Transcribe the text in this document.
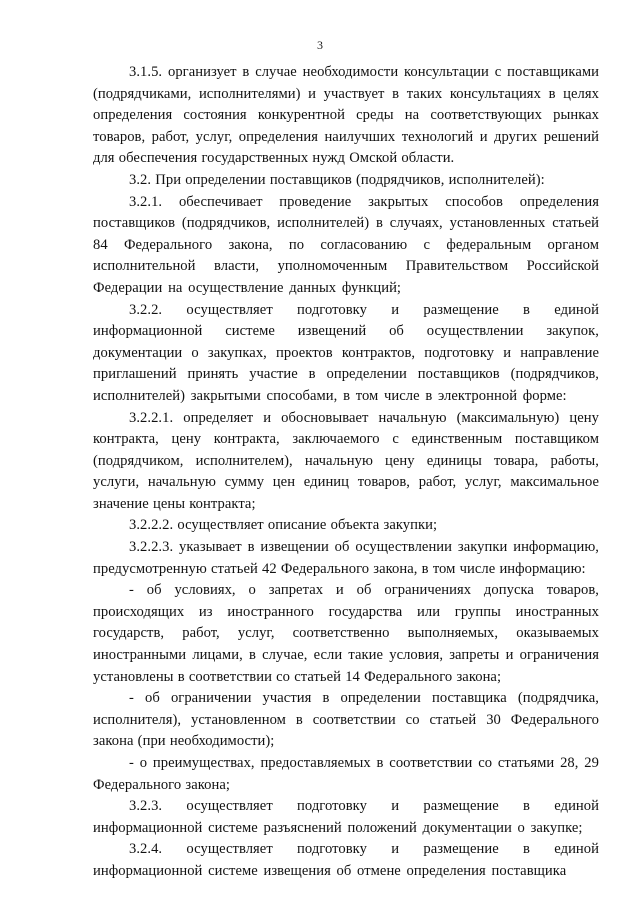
3

3.1.5. организует в случае необходимости консультации с поставщиками (подрядчиками, исполнителями) и участвует в таких консультациях в целях определения состояния конкурентной среды на соответствующих рынках товаров, работ, услуг, определения наилучших технологий и других решений для обеспечения государственных нужд Омской области.

3.2. При определении поставщиков (подрядчиков, исполнителей):

3.2.1. обеспечивает проведение закрытых способов определения поставщиков (подрядчиков, исполнителей) в случаях, установленных статьей 84 Федерального закона, по согласованию с федеральным органом исполнительной власти, уполномоченным Правительством Российской Федерации на осуществление данных функций;

3.2.2. осуществляет подготовку и размещение в единой информационной системе извещений об осуществлении закупок, документации о закупках, проектов контрактов, подготовку и направление приглашений принять участие в определении поставщиков (подрядчиков, исполнителей) закрытыми способами, в том числе в электронной форме:

3.2.2.1. определяет и обосновывает начальную (максимальную) цену контракта, цену контракта, заключаемого с единственным поставщиком (подрядчиком, исполнителем), начальную цену единицы товара, работы, услуги, начальную сумму цен единиц товаров, работ, услуг, максимальное значение цены контракта;

3.2.2.2. осуществляет описание объекта закупки;

3.2.2.3. указывает в извещении об осуществлении закупки информацию, предусмотренную статьей 42 Федерального закона, в том числе информацию:

- об условиях, о запретах и об ограничениях допуска товаров, происходящих из иностранного государства или группы иностранных государств, работ, услуг, соответственно выполняемых, оказываемых иностранными лицами, в случае, если такие условия, запреты и ограничения установлены в соответствии со статьей 14 Федерального закона;

- об ограничении участия в определении поставщика (подрядчика, исполнителя), установленном в соответствии со статьей 30 Федерального закона (при необходимости);

- о преимуществах, предоставляемых в соответствии со статьями 28, 29 Федерального закона;

3.2.3. осуществляет подготовку и размещение в единой информационной системе разъяснений положений документации о закупке;

3.2.4. осуществляет подготовку и размещение в единой информационной системе извещения об отмене определения поставщика
